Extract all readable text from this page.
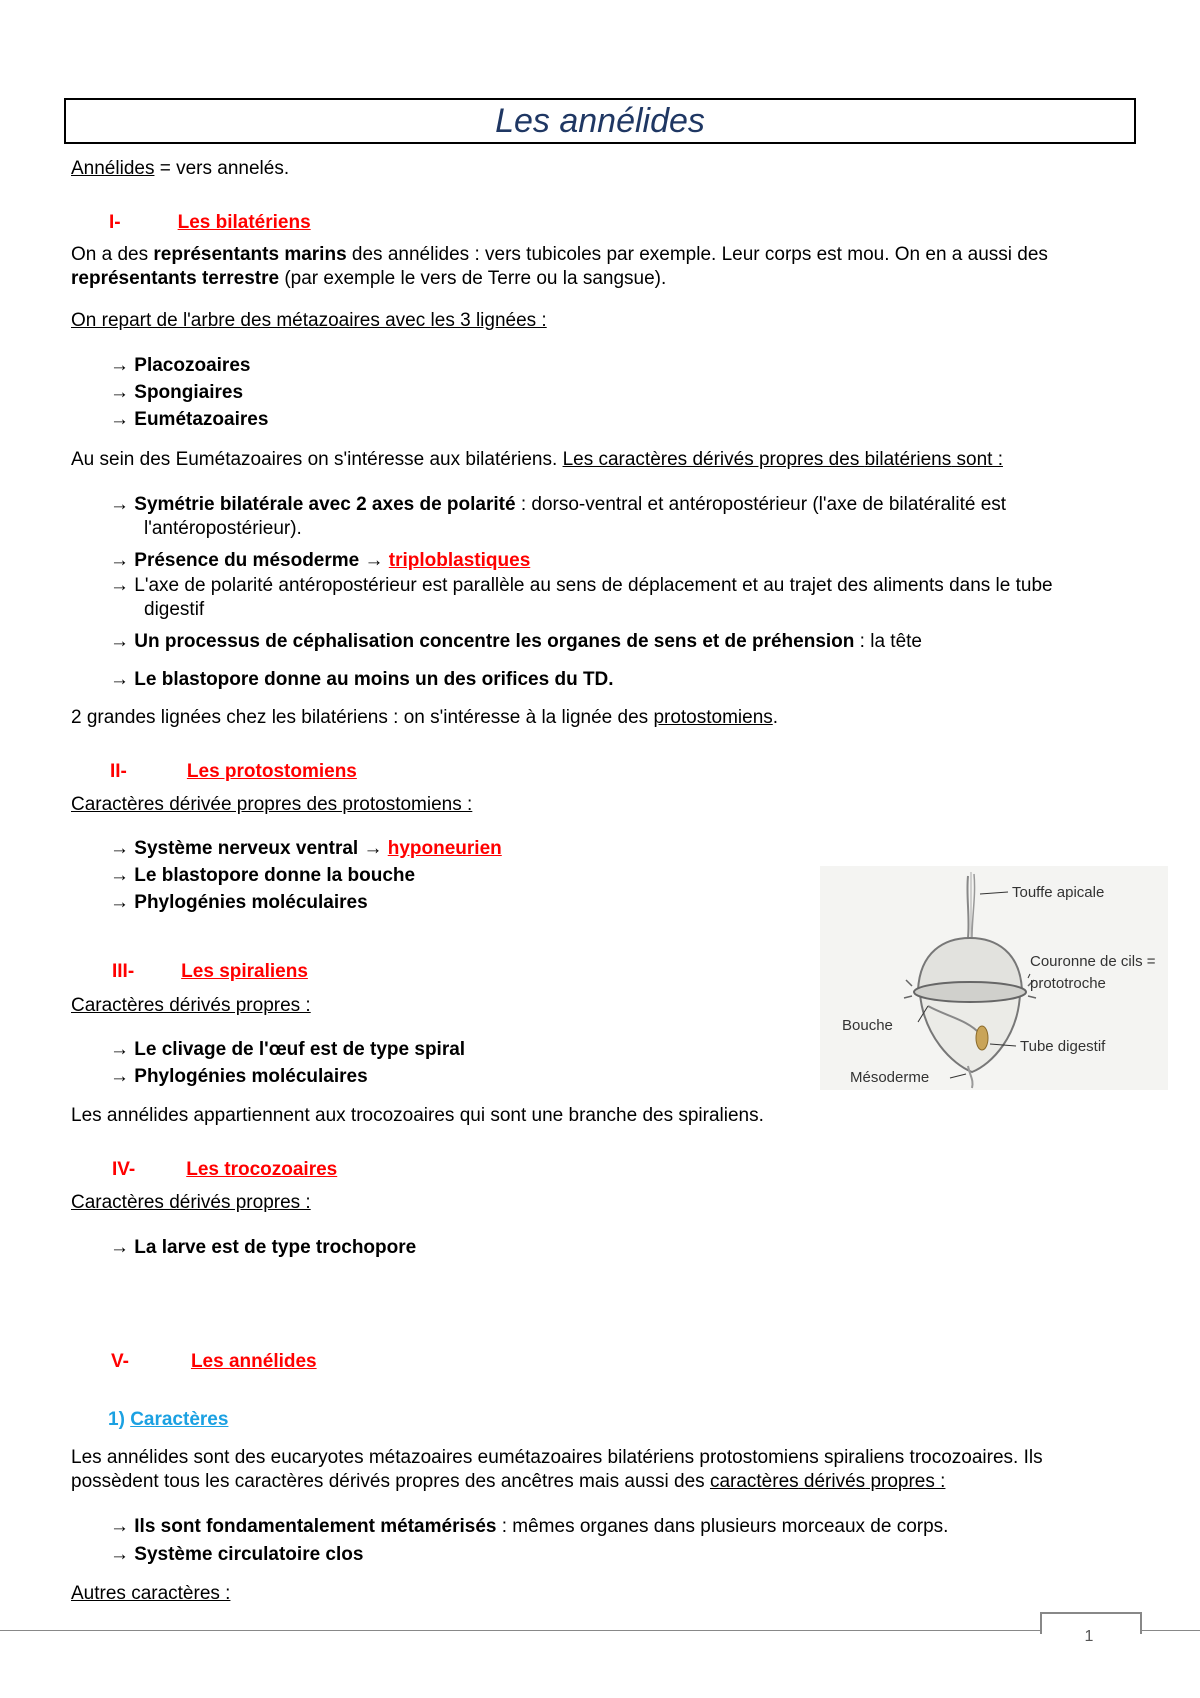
Les annélides
Annélides = vers annelés.
I-	Les bilatériens
On a des représentants marins des annélides : vers tubicoles par exemple. Leur corps est mou. On en a aussi des
représentants terrestre (par exemple le vers de Terre ou la sangsue).
On repart de l'arbre des métazoaires avec les 3 lignées :
→ Placozoaires
→ Spongiaires
→ Eumétazoaires
Au sein des Eumétazoaires on s'intéresse aux bilatériens. Les caractères dérivés propres des bilatériens sont :
→ Symétrie bilatérale avec 2 axes de polarité : dorso-ventral et antéropostérieur (l'axe de bilatéralité est
l'antéropostérieur).
→ Présence du mésoderme → triploblastiques
→ L'axe de polarité antéropostérieur est parallèle au sens de déplacement et au trajet des aliments dans le tube
digestif
→ Un processus de céphalisation concentre les organes de sens et de préhension : la tête
→ Le blastopore donne au moins un des orifices du TD.
2 grandes lignées chez les bilatériens : on s'intéresse à la lignée des protostomiens.
II-	Les protostomiens
Caractères dérivée propres des protostomiens :
→ Système nerveux ventral → hyponeurien
→ Le blastopore donne la bouche
→ Phylogénies moléculaires
III- Les spiraliens
Caractères dérivés propres :
→ Le clivage de l'œuf est de type spiral
→ Phylogénies moléculaires
Les annélides appartiennent aux trocozoaires qui sont une branche des spiraliens.
Touffe apicale
Couronne de cils =
prototroche
Bouche
Tube digestif
Mésoderme
IV-	Les trocozoaires
Caractères dérivés propres :
→ La larve est de type trochopore
V-	Les annélides
1) Caractères
Les annélides sont des eucaryotes métazoaires eumétazoaires bilatériens protostomiens spiraliens trocozoaires. Ils
possèdent tous les caractères dérivés propres des ancêtres mais aussi des caractères dérivés propres :
→ Ils sont fondamentalement métamérisés : mêmes organes dans plusieurs morceaux de corps.
→ Système circulatoire clos
Autres caractères :
1
